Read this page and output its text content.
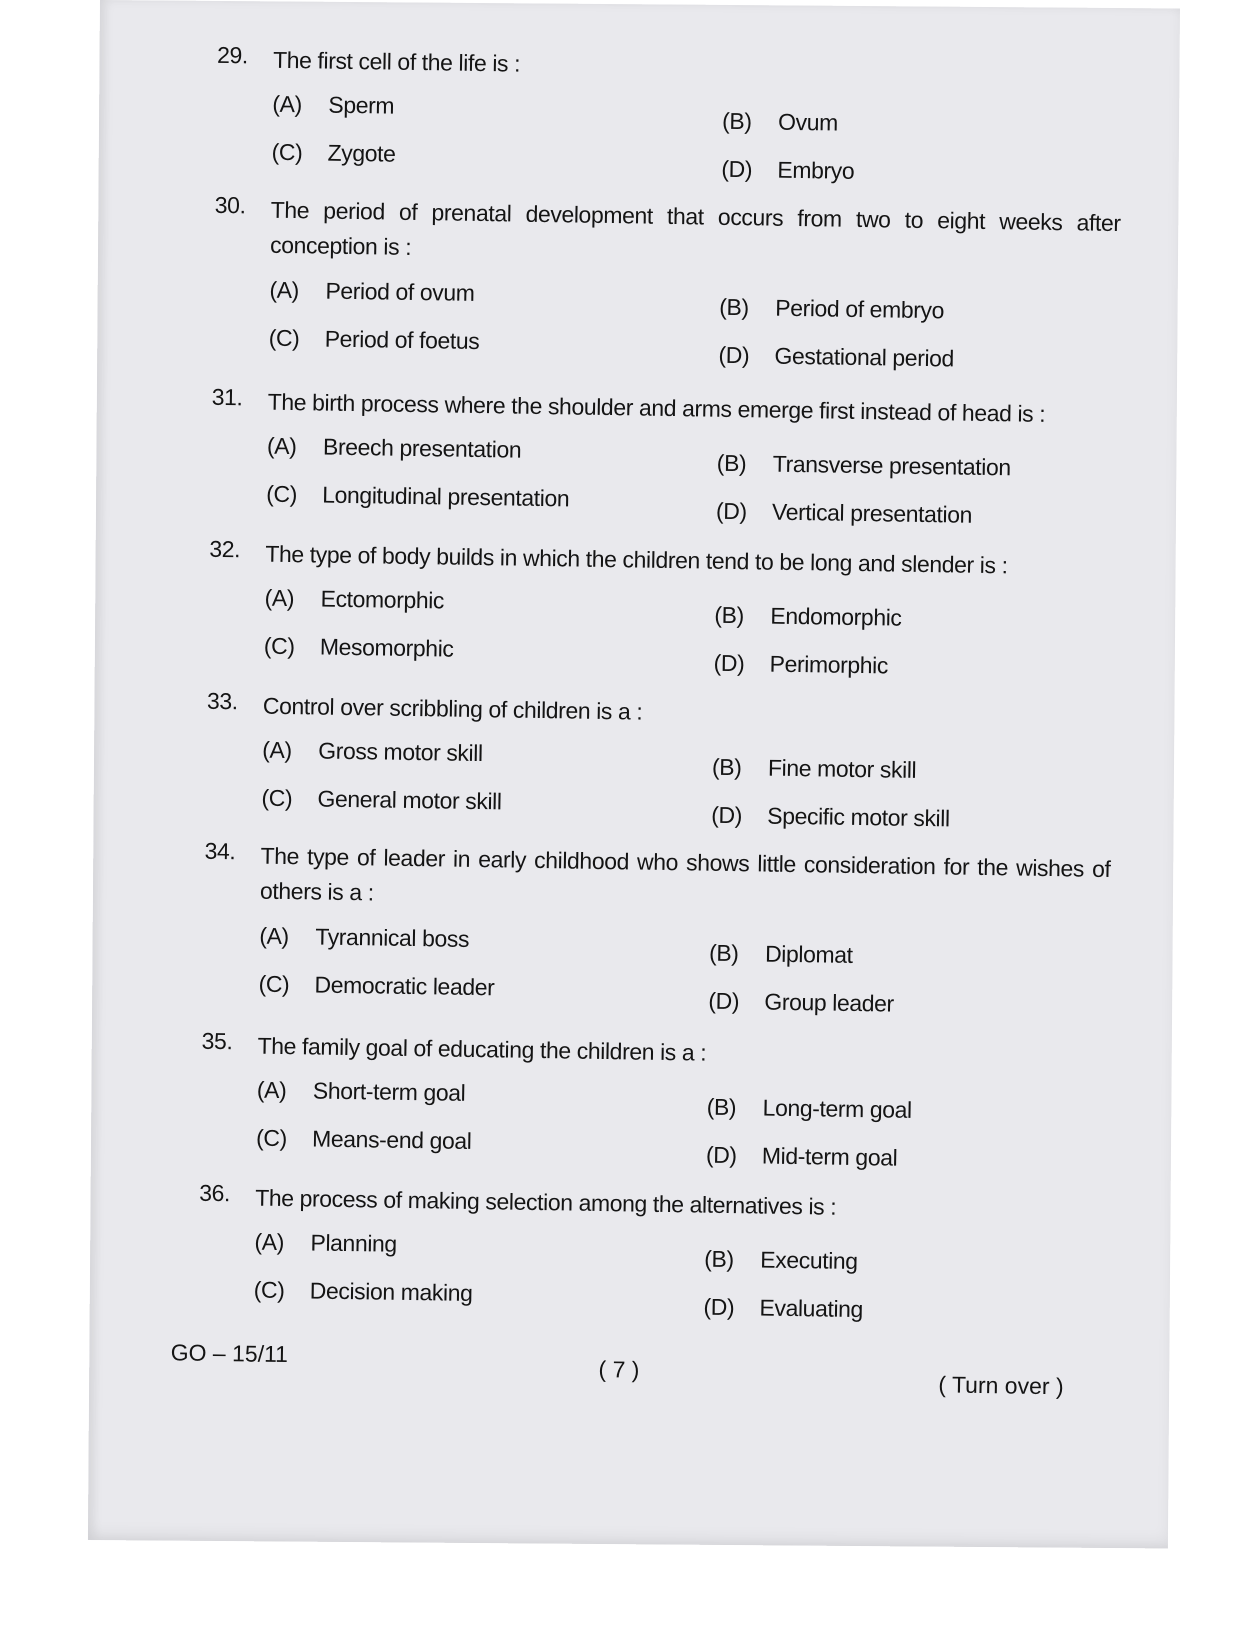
29. The first cell of the life is :
(A) Sperm
(B) Ovum
(C) Zygote
(D) Embryo
30. The period of prenatal development that occurs from two to eight weeks after conception is :
(A) Period of ovum
(B) Period of embryo
(C) Period of foetus
(D) Gestational period
31. The birth process where the shoulder and arms emerge first instead of head is :
(A) Breech presentation
(B) Transverse presentation
(C) Longitudinal presentation	(D) Vertical presentation
32. The type of body builds in which the children tend to be long and slender is :
(A) Ectomorphic
(B) Endomorphic
(C) Mesomorphic
(D) Perimorphic
33. Control over scribbling of children is a :
(A) Gross motor skill
(B) Fine motor skill
(C) General motor skill
(D) Specific motor skill
34. The type of leader in early childhood who shows little consideration for the wishes of others is a :
(A) Tyrannical boss
(B) Diplomat
(C) Democratic leader
(D) Group leader
35. The family goal of educating the children is a :
(A) Short-term goal
(B) Long-term goal
(C) Means-end goal
(D) Mid-term goal
36. The process of making selection among the alternatives is :
(A) Planning
(B) Executing
(C) Decision making
(D) Evaluating
GO – 15/11
( 7 )
( Turn over )
